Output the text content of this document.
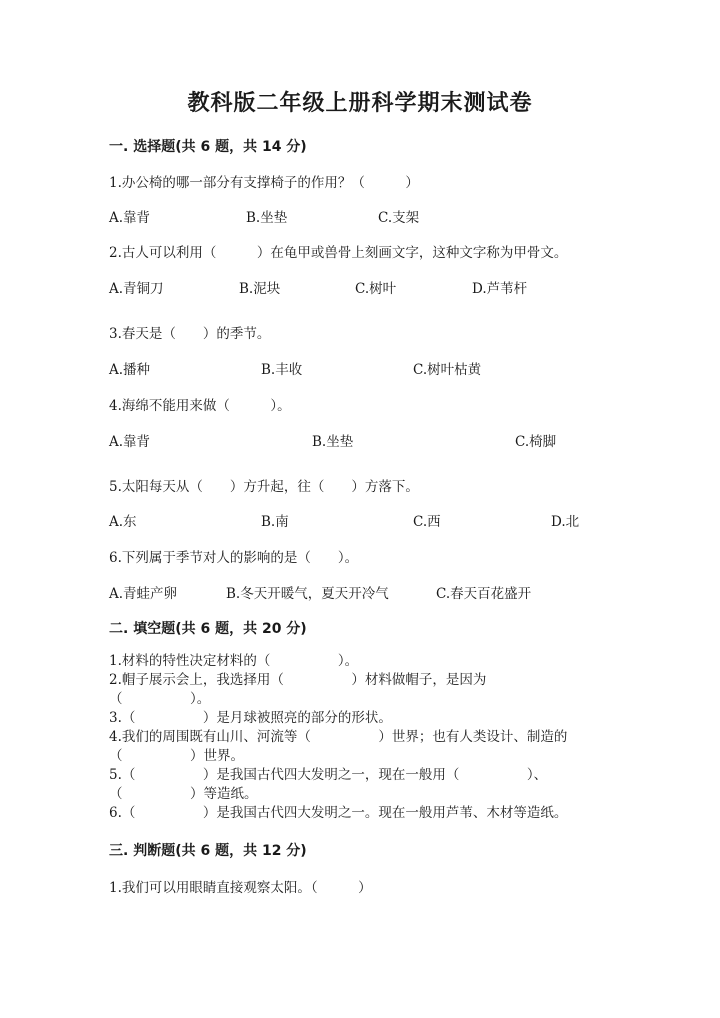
教科版二年级上册科学期末测试卷
一. 选择题(共 6 题，共 14 分)
1.办公椅的哪一部分有支撑椅子的作用？（　　　）
A.靠背	B.坐垫	C.支架
2.古人可以利用（　　　）在龟甲或兽骨上刻画文字，这种文字称为甲骨文。
A.青铜刀	B.泥块	C.树叶	D.芦苇杆
3.春天是（　　）的季节。
A.播种	B.丰收	C.树叶枯黄
4.海绵不能用来做（　　　）。
A.靠背	B.坐垫	C.椅脚
5.太阳每天从（　　）方升起，往（　　）方落下。
A.东	B.南	C.西	D.北
6.下列属于季节对人的影响的是（　　）。
A.青蛙产卵	B.冬天开暖气，夏天开冷气	C.春天百花盛开
二. 填空题(共 6 题，共 20 分)
1.材料的特性决定材料的（　　　　　）。
2.帽子展示会上，我选择用（　　　　　）材料做帽子，是因为
（　　　　　）。
3.（　　　　　）是月球被照亮的部分的形状。
4.我们的周围既有山川、河流等（　　　　　）世界；也有人类设计、制造的
（　　　　　）世界。
5.（　　　　　）是我国古代四大发明之一，现在一般用（　　　　　）、
（　　　　　）等造纸。
6.（　　　　　）是我国古代四大发明之一。现在一般用芦苇、木材等造纸。
三. 判断题(共 6 题，共 12 分)
1.我们可以用眼睛直接观察太阳。（　　　）
